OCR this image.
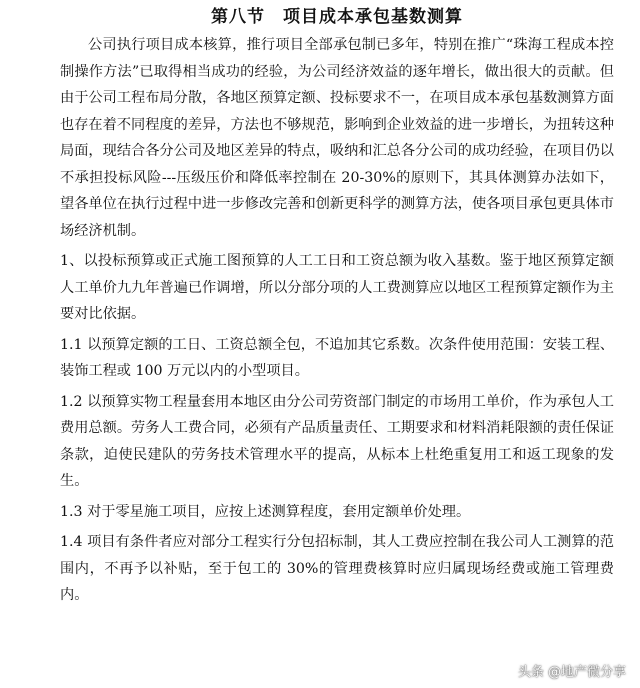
第八节　项目成本承包基数测算

公司执行项目成本核算，推行项目全部承包制已多年，特别在推广“珠海工程成本控制操作方法”已取得相当成功的经验，为公司经济效益的逐年增长，做出很大的贡献。但由于公司工程布局分散，各地区预算定额、投标要求不一，在项目成本承包基数测算方面也存在着不同程度的差异，方法也不够规范，影响到企业效益的进一步增长，为扭转这种局面，现结合各分公司及地区差异的特点，吸纳和汇总各分公司的成功经验，在项目仍以不承担投标风险---压级压价和降低率控制在 20-30%的原则下，其具体测算办法如下，望各单位在执行过程中进一步修改完善和创新更科学的测算方法，使各项目承包更具体市场经济机制。

1、以投标预算或正式施工图预算的人工工日和工资总额为收入基数。鉴于地区预算定额人工单价九九年普遍已作调增，所以分部分项的人工费测算应以地区工程预算定额作为主要对比依据。

1.1 以预算定额的工日、工资总额全包，不追加其它系数。次条件使用范围：安装工程、装饰工程或 100 万元以内的小型项目。

1.2 以预算实物工程量套用本地区由分公司劳资部门制定的市场用工单价，作为承包人工费用总额。劳务人工费合同，必须有产品质量责任、工期要求和材料消耗限额的责任保证条款，迫使民建队的劳务技术管理水平的提高，从标本上杜绝重复用工和返工现象的发生。

1.3 对于零星施工项目，应按上述测算程度，套用定额单价处理。

1.4 项目有条件者应对部分工程实行分包招标制，其人工费应控制在我公司人工测算的范围内，不再予以补贴，至于包工的 30%的管理费核算时应归属现场经费或施工管理费内。

头条 @地产微分享
